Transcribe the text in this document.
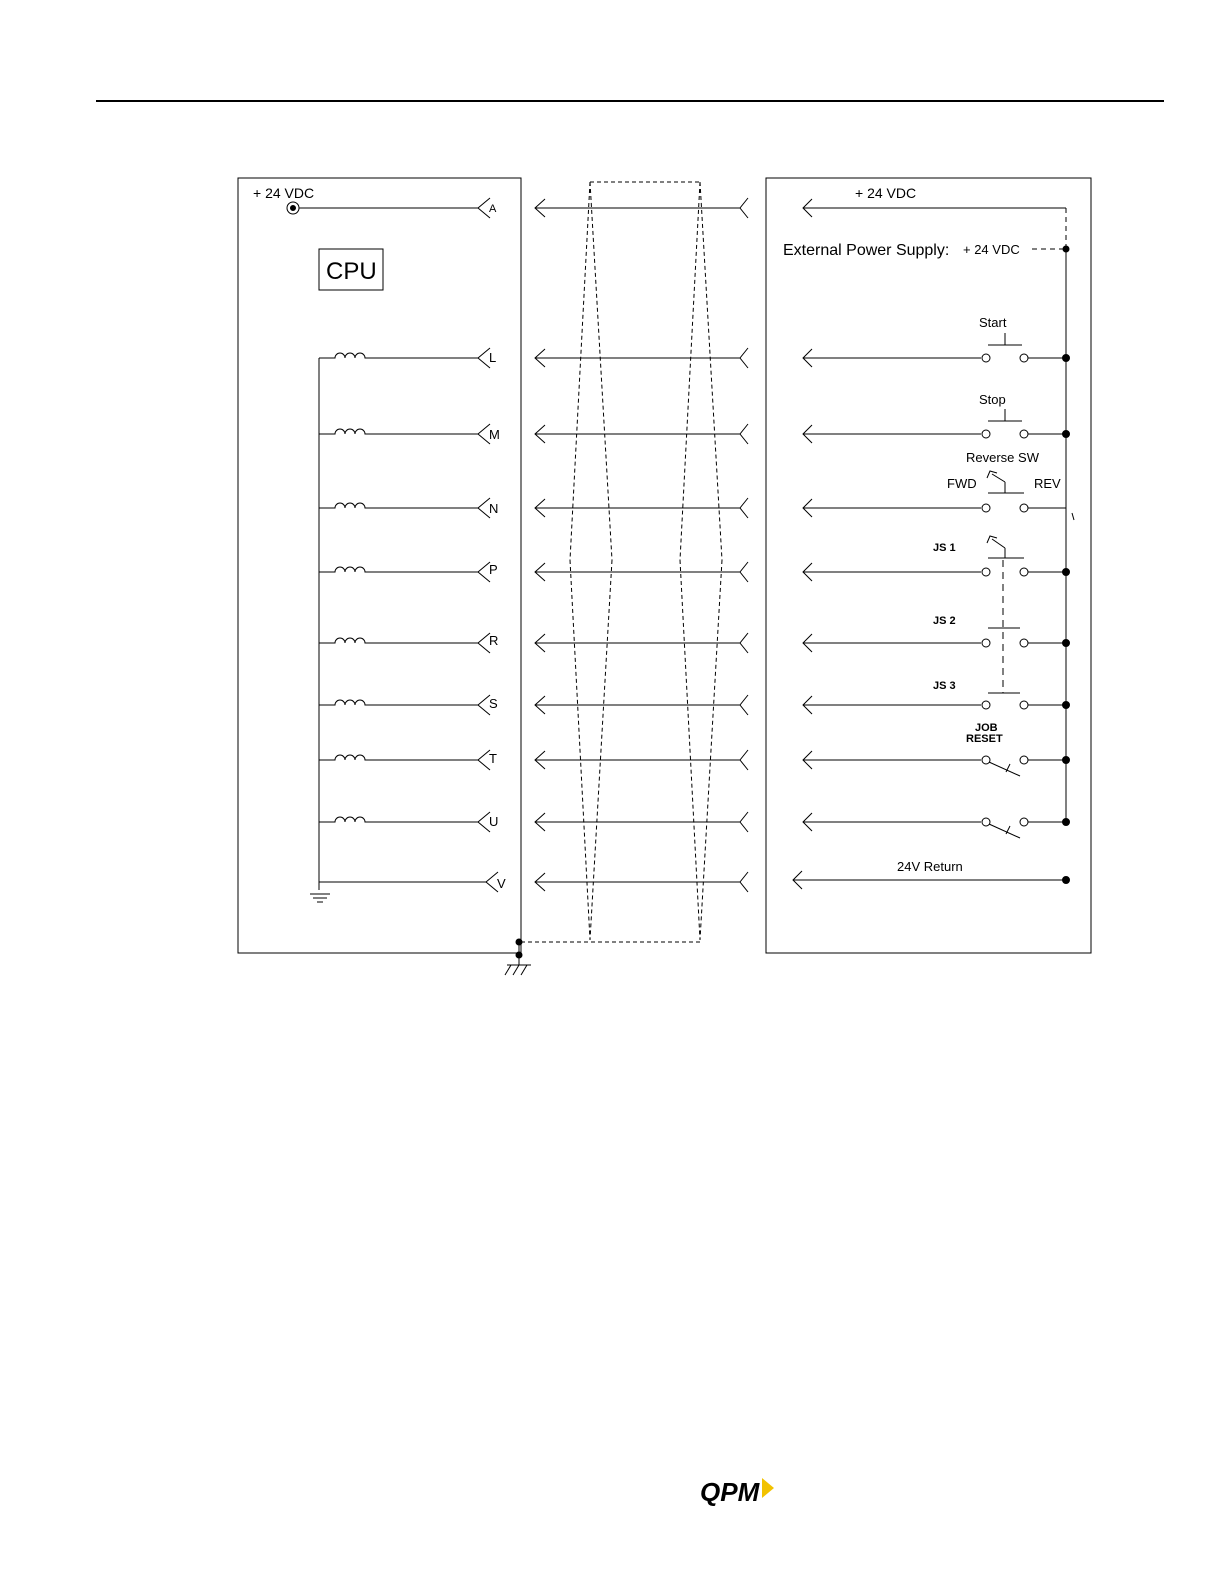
+ 24 VDC
CPU
A
L
M
N
P
R
S
T
U
V
+ 24 VDC
External Power Supply: + 24 VDC
Start
Stop
Reverse SW
FWD	REV
JS 1
JS 2
JS 3
JOB
RESET
24V Return
QPM
